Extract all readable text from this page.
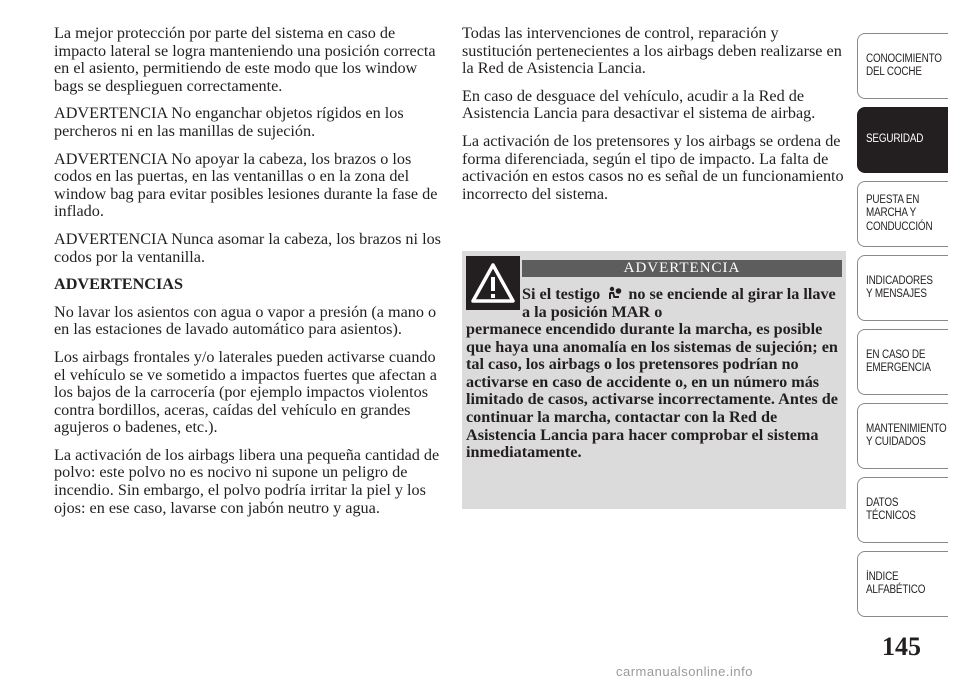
La mejor protección por parte del sistema en caso de impacto lateral se logra manteniendo una posición correcta en el asiento, permitiendo de este modo que los window bags se desplieguen correctamente.

ADVERTENCIA No enganchar objetos rígidos en los percheros ni en las manillas de sujeción.

ADVERTENCIA No apoyar la cabeza, los brazos o los codos en las puertas, en las ventanillas o en la zona del window bag para evitar posibles lesiones durante la fase de inflado.

ADVERTENCIA Nunca asomar la cabeza, los brazos ni los codos por la ventanilla.

ADVERTENCIAS

No lavar los asientos con agua o vapor a presión (a mano o en las estaciones de lavado automático para asientos).

Los airbags frontales y/o laterales pueden activarse cuando el vehículo se ve sometido a impactos fuertes que afectan a los bajos de la carrocería (por ejemplo impactos violentos contra bordillos, aceras, caídas del vehículo en grandes agujeros o badenes, etc.).

La activación de los airbags libera una pequeña cantidad de polvo: este polvo no es nocivo ni supone un peligro de incendio. Sin embargo, el polvo podría irritar la piel y los ojos: en ese caso, lavarse con jabón neutro y agua.

Todas las intervenciones de control, reparación y sustitución pertenecientes a los airbags deben realizarse en la Red de Asistencia Lancia.

En caso de desguace del vehículo, acudir a la Red de Asistencia Lancia para desactivar el sistema de airbag.

La activación de los pretensores y los airbags se ordena de forma diferenciada, según el tipo de impacto. La falta de activación en estos casos no es señal de un funcionamiento incorrecto del sistema.

ADVERTENCIA
Si el testigo no se enciende al girar la llave a la posición MAR o
permanece encendido durante la marcha, es posible que haya una anomalía en los sistemas de sujeción; en tal caso, los airbags o los pretensores podrían no activarse en caso de accidente o, en un número más limitado de casos, activarse incorrectamente. Antes de continuar la marcha, contactar con la Red de Asistencia Lancia para hacer comprobar el sistema inmediatamente.
CONOCIMIENTO DEL COCHE
SEGURIDAD
PUESTA EN MARCHA Y CONDUCCIÓN
INDICADORES Y MENSAJES
EN CASO DE EMERGENCIA
MANTENIMIENTO Y CUIDADOS
DATOS TÉCNICOS
ÍNDICE ALFABÉTICO
145
carmanualsonline.info
